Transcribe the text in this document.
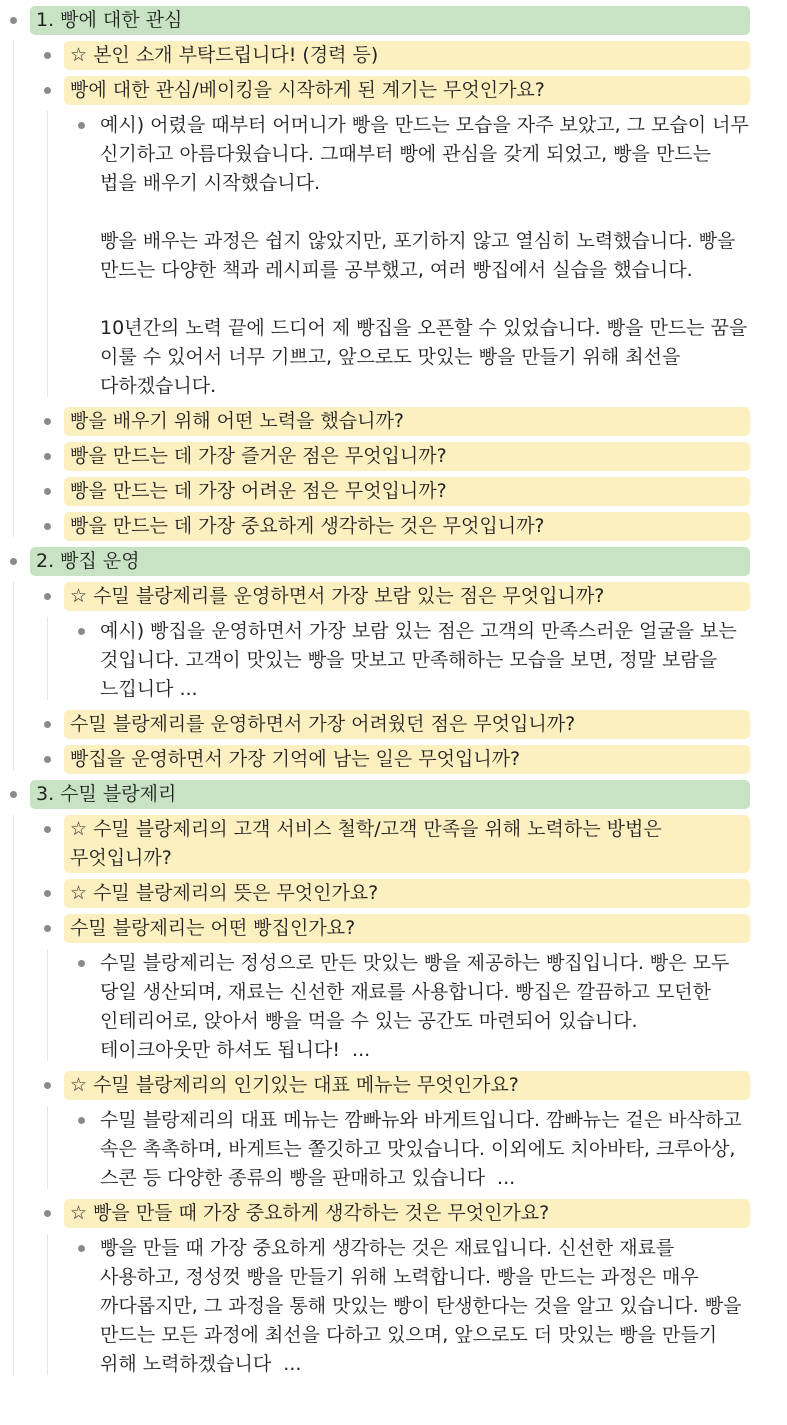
1. 빵에 대한 관심
☆ 본인 소개 부탁드립니다! (경력 등)
빵에 대한 관심/베이킹을 시작하게 된 계기는 무엇인가요?
예시) 어렸을 때부터 어머니가 빵을 만드는 모습을 자주 보았고, 그 모습이 너무 신기하고 아름다웠습니다. 그때부터 빵에 관심을 갖게 되었고, 빵을 만드는 법을 배우기 시작했습니다.

빵을 배우는 과정은 쉽지 않았지만, 포기하지 않고 열심히 노력했습니다. 빵을 만드는 다양한 책과 레시피를 공부했고, 여러 빵집에서 실습을 했습니다.

10년간의 노력 끝에 드디어 제 빵집을 오픈할 수 있었습니다. 빵을 만드는 꿈을 이룰 수 있어서 너무 기쁘고, 앞으로도 맛있는 빵을 만들기 위해 최선을 다하겠습니다.
빵을 배우기 위해 어떤 노력을 했습니까?
빵을 만드는 데 가장 즐거운 점은 무엇입니까?
빵을 만드는 데 가장 어려운 점은 무엇입니까?
빵을 만드는 데 가장 중요하게 생각하는 것은 무엇입니까?
2. 빵집 운영
☆ 수밀 블랑제리를 운영하면서 가장 보람 있는 점은 무엇입니까?
예시) 빵집을 운영하면서 가장 보람 있는 점은 고객의 만족스러운 얼굴을 보는 것입니다. 고객이 맛있는 빵을 맛보고 만족해하는 모습을 보면, 정말 보람을 느낍니다 ...
수밀 블랑제리를 운영하면서 가장 어려웠던 점은 무엇입니까?
빵집을 운영하면서 가장 기억에 남는 일은 무엇입니까?
3. 수밀 블랑제리
☆ 수밀 블랑제리의 고객 서비스 철학/고객 만족을 위해 노력하는 방법은 무엇입니까?
☆ 수밀 블랑제리의 뜻은 무엇인가요?
수밀 블랑제리는 어떤 빵집인가요?
수밀 블랑제리는 정성으로 만든 맛있는 빵을 제공하는 빵집입니다. 빵은 모두 당일 생산되며, 재료는 신선한 재료를 사용합니다. 빵집은 깔끔하고 모던한 인테리어로, 앉아서 빵을 먹을 수 있는 공간도 마련되어 있습니다. 테이크아웃만 하셔도 됩니다!  ...
☆ 수밀 블랑제리의 인기있는 대표 메뉴는 무엇인가요?
수밀 블랑제리의 대표 메뉴는 깜빠뉴와 바게트입니다. 깜빠뉴는 겉은 바삭하고 속은 촉촉하며, 바게트는 쫄깃하고 맛있습니다. 이외에도 치아바타, 크루아상, 스콘 등 다양한 종류의 빵을 판매하고 있습니다  ...
☆ 빵을 만들 때 가장 중요하게 생각하는 것은 무엇인가요?
빵을 만들 때 가장 중요하게 생각하는 것은 재료입니다. 신선한 재료를 사용하고, 정성껏 빵을 만들기 위해 노력합니다. 빵을 만드는 과정은 매우 까다롭지만, 그 과정을 통해 맛있는 빵이 탄생한다는 것을 알고 있습니다. 빵을 만드는 모든 과정에 최선을 다하고 있으며, 앞으로도 더 맛있는 빵을 만들기 위해 노력하겠습니다  ...
